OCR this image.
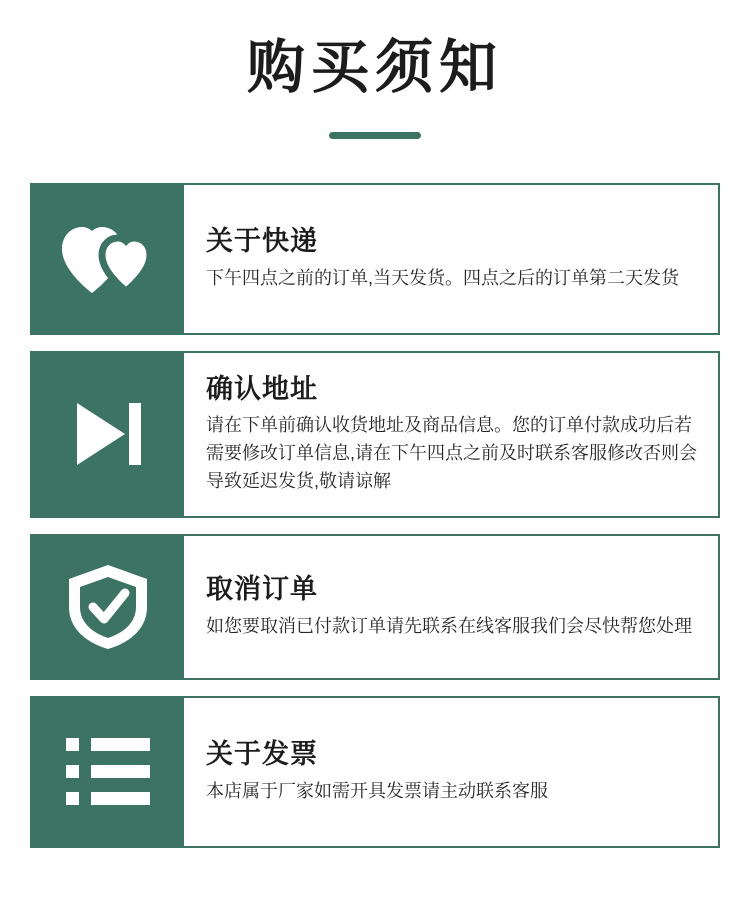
购买须知
关于快递
下午四点之前的订单,当天发货。四点之后的订单第二天发货
确认地址
请在下单前确认收货地址及商品信息。您的订单付款成功后若需要修改订单信息,请在下午四点之前及时联系客服修改否则会导致延迟发货,敬请谅解
取消订单
如您要取消已付款订单请先联系在线客服我们会尽快帮您处理
关于发票
本店属于厂家如需开具发票请主动联系客服
